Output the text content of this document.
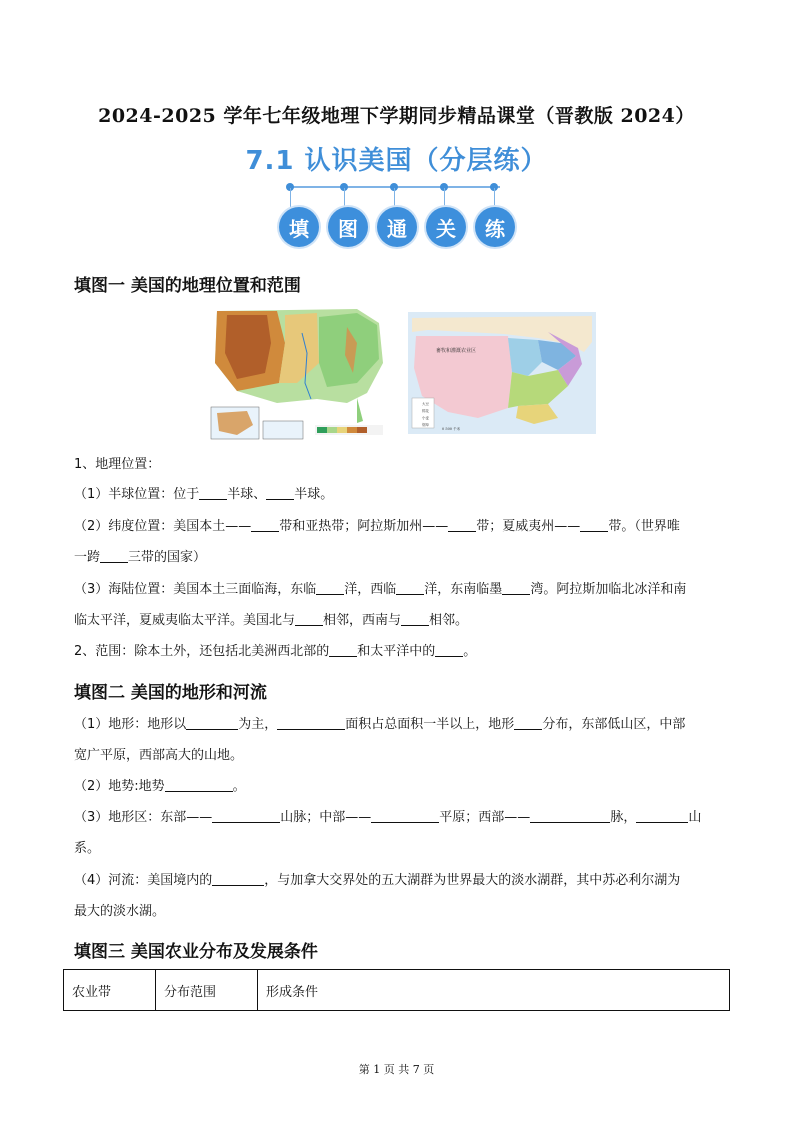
2024-2025 学年七年级地理下学期同步精品课堂（晋教版 2024）
7.1 认识美国（分层练）
填	图	通	关	练
填图一 美国的地理位置和范围
畜牧和灌溉农业区
大豆
棉花
小麦
烟草
0 500 千米
1、地理位置：
（1）半球位置：位于 半球、 半球。
（2）纬度位置：美国本土—— 带和亚热带；阿拉斯加州—— 带；夏威夷州—— 带。（世界唯
一跨 三带的国家）
（3）海陆位置：美国本土三面临海，东临 洋，西临 洋，东南临墨 湾。阿拉斯加临北冰洋和南
临太平洋，夏威夷临太平洋。美国北与 相邻，西南与 相邻。
2、范围：除本土外，还包括北美洲西北部的 和太平洋中的 。
填图二 美国的地形和河流
（1）地形：地形以	为主，	面积占总面积一半以上，地形 分布，东部低山区，中部
宽广平原，西部高大的山地。
（2）地势:地势	。
（3）地形区：东部——	山脉；中部——	平原；西部——	脉，	山
系。
（4）河流：美国境内的	，与加拿大交界处的五大湖群为世界最大的淡水湖群，其中苏必利尔湖为
最大的淡水湖。
填图三 美国农业分布及发展条件
农业带	分布范围	形成条件
第 1 页 共 7 页
